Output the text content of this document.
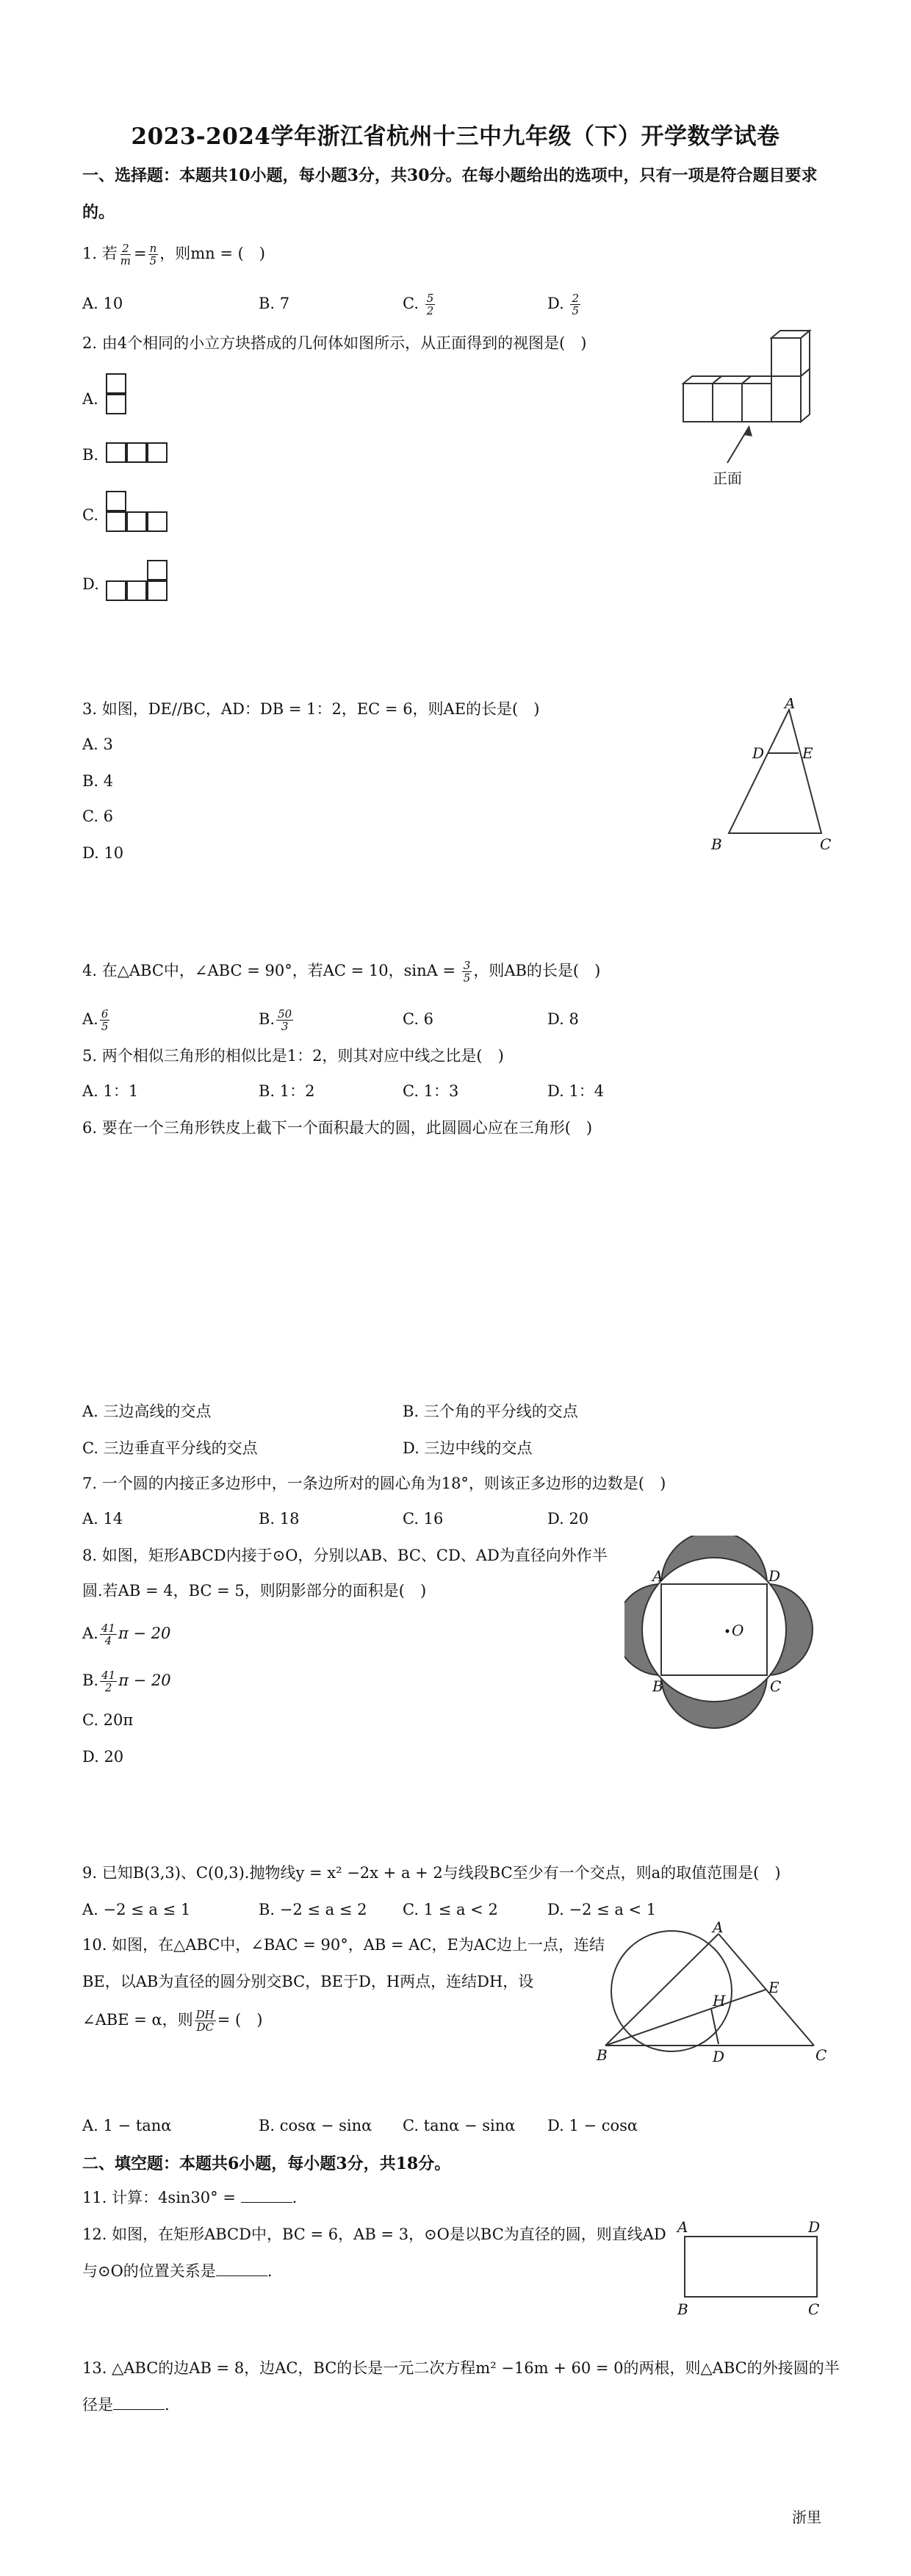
2023-2024学年浙江省杭州十三中九年级（下）开学数学试卷
一、选择题：本题共10小题，每小题3分，共30分。在每小题给出的选项中，只有一项是符合题目要求
的。
1. 若 $\frac{2}{m} = \frac{n}{5}$ ，则mn = (　)
A. 10	B. 7	C. $\frac{5}{2}$	D. $\frac{2}{5}$
2. 由4个相同的小立方块搭成的几何体如图所示，从正面得到的视图是(　)
A.
B.
C.
D.
正面
3. 如图，DE//BC，AD：DB = 1：2，EC = 6，则AE的长是(　)
A. 3
B. 4
C. 6
D. 10
A
D	E
B	C
4. 在△ABC中，∠ABC = 90°，若AC = 10，$\sin A = \frac{3}{5}$ ，则AB的长是(　)
A. $\frac{6}{5}$	B. $\frac{50}{3}$	C. 6	D. 8
5. 两个相似三角形的相似比是1：2，则其对应中线之比是(　)
A. 1：1	B. 1：2	C. 1：3	D. 1：4
6. 要在一个三角形铁皮上截下一个面积最大的圆，此圆圆心应在三角形(　)
A. 三边高线的交点	B. 三个角的平分线的交点
C. 三边垂直平分线的交点	D. 三边中线的交点
7. 一个圆的内接正多边形中，一条边所对的圆心角为18°，则该正多边形的边数是(　)
A. 14	B. 18	C. 16	D. 20
8. 如图，矩形ABCD内接于⊙O，分别以AB、BC、CD、AD为直径向外作半
圆.若AB = 4，BC = 5，则阴影部分的面积是(　)
A. $\frac{41}{4}$ π − 20
B. $\frac{41}{2}$ π − 20
C. 20π
D. 20
A	D
O
B	C
9. 已知B(3,3)、C(0,3).抛物线y = x² −2x + a + 2与线段BC至少有一个交点，则a的取值范围是(　)
A. −2 ≤ a ≤ 1	B. −2 ≤ a ≤ 2 C. 1 ≤ a < 2	D. −2 ≤ a < 1
10. 如图，在△ABC中，∠BAC = 90°，AB = AC，E为AC边上一点，连结
BE，以AB为直径的圆分别交BC，BE于D，H两点，连结DH，设
∠ABE = α，则 $\frac{DH}{DC}$ = (　)
A. 1 − tanα	B. cosα − sinα C. tanα − sinα D. 1 − cosα
A
E
H
B	D	C
二、填空题：本题共6小题，每小题3分，共18分。
11. 计算：4sin30° =	.
12. 如图，在矩形ABCD中，BC = 6，AB = 3，⊙O是以BC为直径的圆，则直线AD
与⊙O的位置关系是	.
A	D
B	C
13. △ABC的边AB = 8，边AC，BC的长是一元二次方程m² −16m + 60 = 0的两根，则△ABC的外接圆的半
径是	.
浙里
